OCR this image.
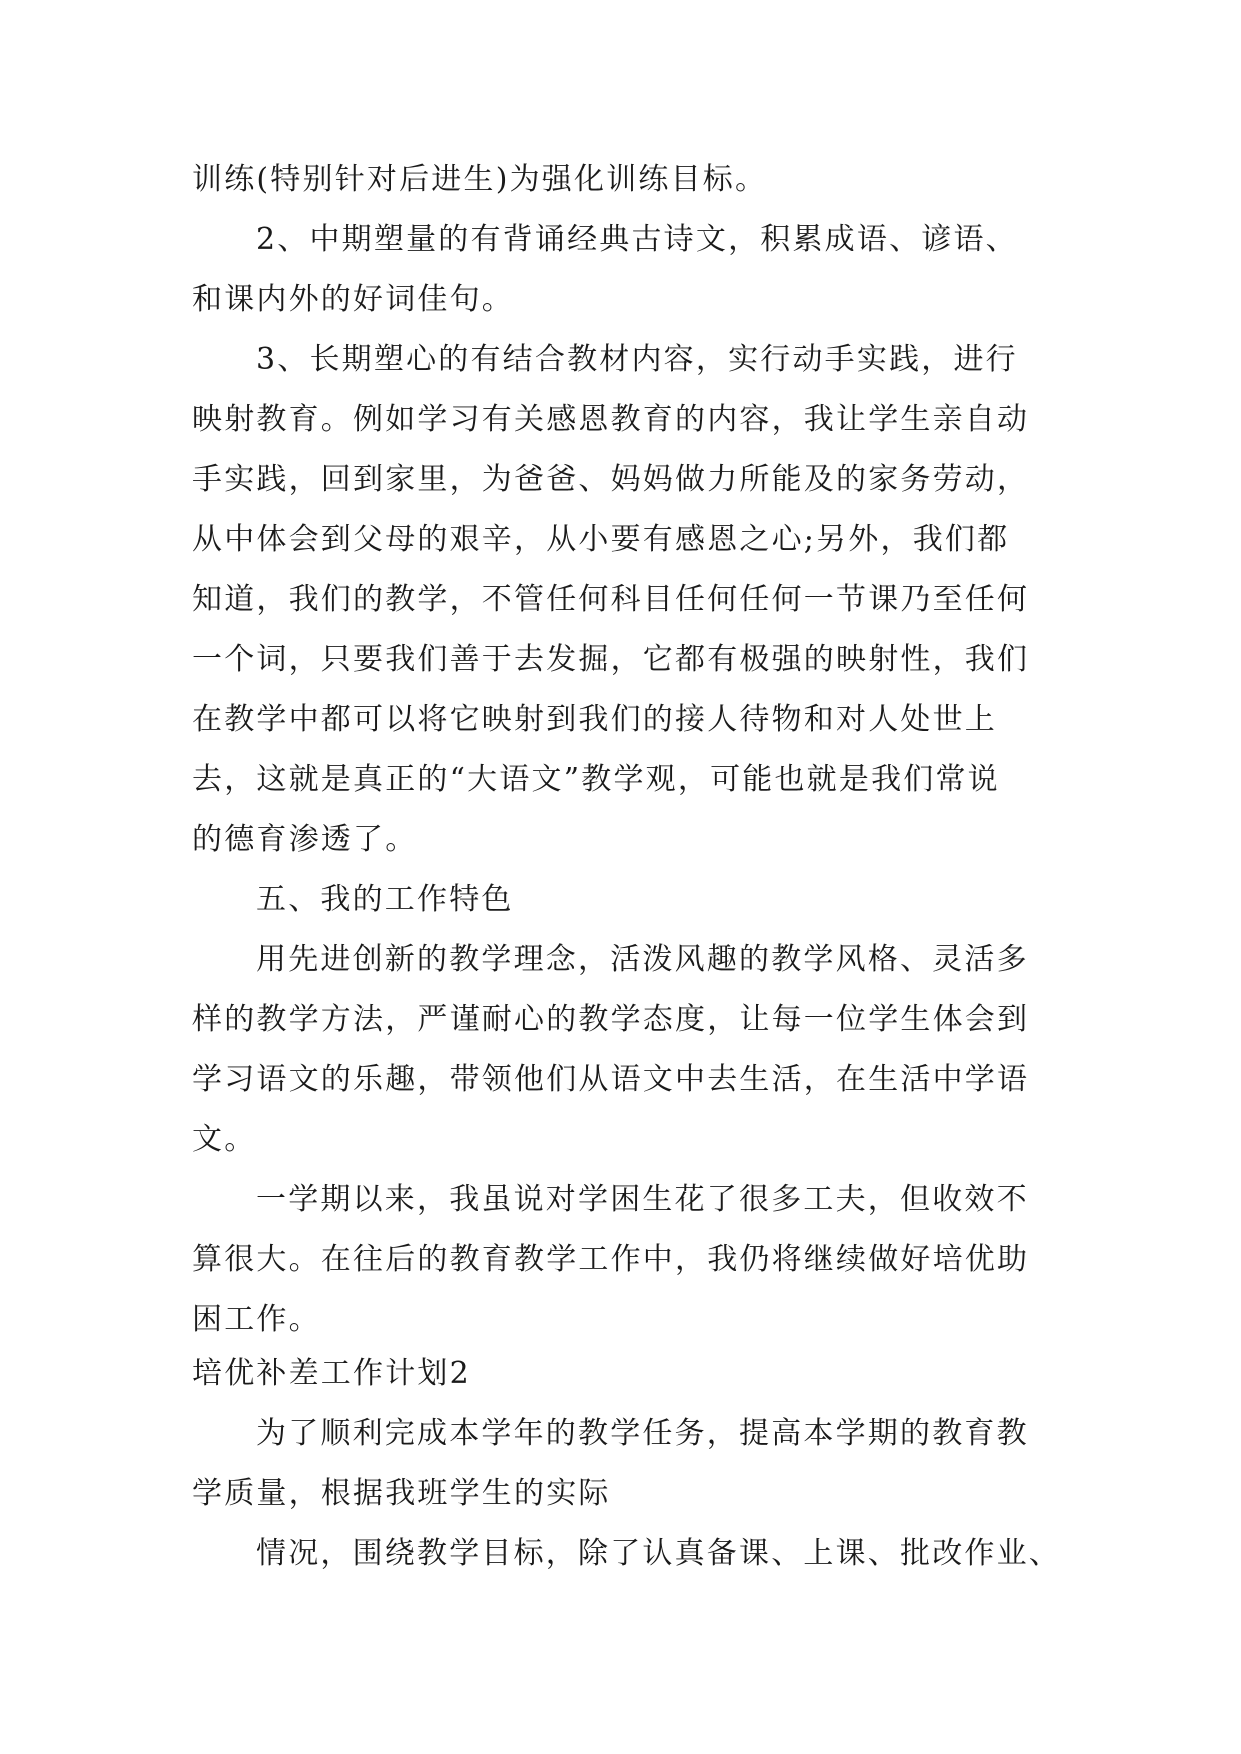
训练(特别针对后进生)为强化训练目标。
2、中期塑量的有背诵经典古诗文，积累成语、谚语、
和课内外的好词佳句。
3、长期塑心的有结合教材内容，实行动手实践，进行
映射教育。例如学习有关感恩教育的内容，我让学生亲自动
手实践，回到家里，为爸爸、妈妈做力所能及的家务劳动，
从中体会到父母的艰辛，从小要有感恩之心;另外，我们都
知道，我们的教学，不管任何科目任何任何一节课乃至任何
一个词，只要我们善于去发掘，它都有极强的映射性，我们
在教学中都可以将它映射到我们的接人待物和对人处世上
去，这就是真正的“大语文”教学观，可能也就是我们常说
的德育渗透了。
五、我的工作特色
用先进创新的教学理念，活泼风趣的教学风格、灵活多
样的教学方法，严谨耐心的教学态度，让每一位学生体会到
学习语文的乐趣，带领他们从语文中去生活，在生活中学语
文。
一学期以来，我虽说对学困生花了很多工夫，但收效不
算很大。在往后的教育教学工作中，我仍将继续做好培优助
困工作。
培优补差工作计划2
为了顺利完成本学年的教学任务，提高本学期的教育教
学质量，根据我班学生的实际
情况，围绕教学目标，除了认真备课、上课、批改作业、
